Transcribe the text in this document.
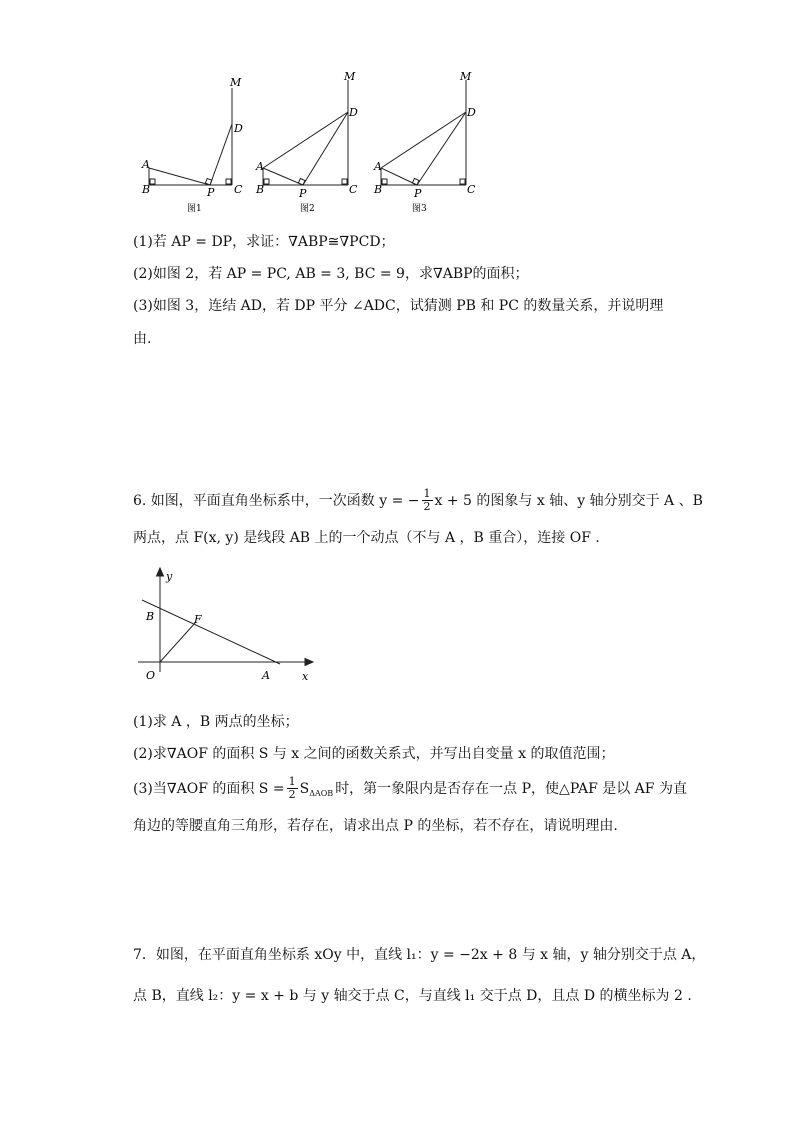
M
D
A
B	P C
图1
M
D
A
B	P	C
图2
M
D
A
B	P	C
图3
(1)若 AP = DP，求证：∇ABP≅∇PCD；
(2)如图 2，若 AP = PC, AB = 3, BC = 9，求∇ABP的面积；
(3)如图 3，连结 AD，若 DP 平分 ∠ADC，试猜测 PB 和 PC 的数量关系，并说明理
由.
6. 如图，平面直角坐标系中，一次函数 y = − $\frac{1}{2}$ x + 5 的图象与 x 轴、y 轴分别交于 A 、B
两点，点 F(x, y) 是线段 AB 上的一个动点（不与 A ，B 重合），连接 OF .
y
x
B	F
O	A
(1)求 A ，B 两点的坐标；
(2)求∇AOF 的面积 S 与 x 之间的函数关系式，并写出自变量 x 的取值范围；
(3)当∇AOF 的面积 $S = \frac{1}{2}$ S ΔAOB 时，第一象限内是否存在一点 P，使△PAF 是以 AF 为直
角边的等腰直角三角形，若存在，请求出点 P 的坐标，若不存在，请说明理由.
7．如图，在平面直角坐标系 xOy 中，直线 l₁：y = −2x + 8 与 x 轴，y 轴分别交于点 A，
点 B，直线 l₂：y = x + b 与 y 轴交于点 C，与直线 l₁ 交于点 D，且点 D 的横坐标为 2 .
